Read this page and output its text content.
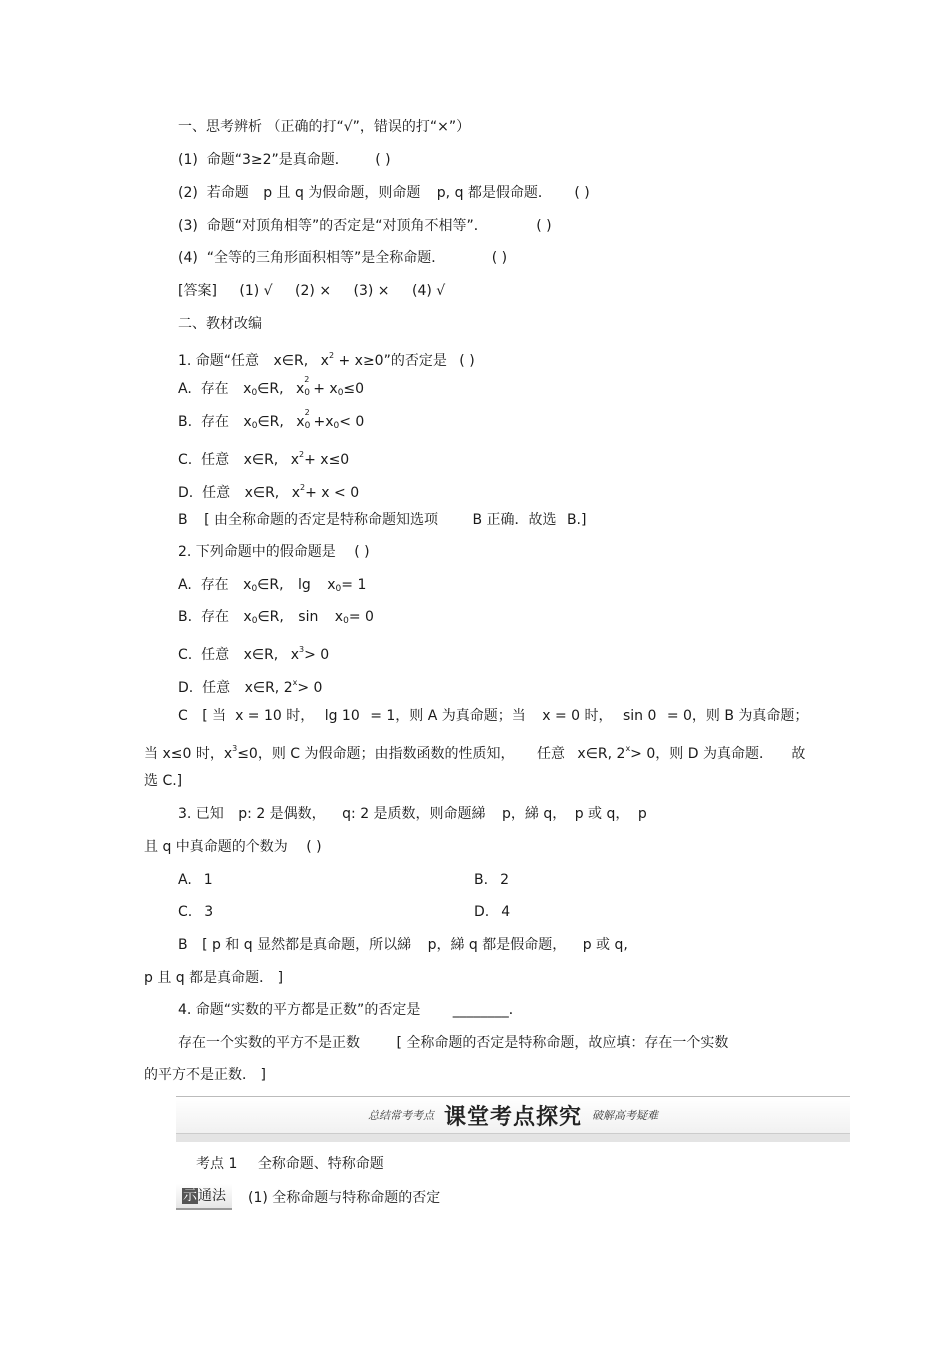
一、思考辨析 （正确的打“√”，错误的打“×”）
(1) 命题“3≥2”是真命题． ( )
(2) 若命题 p 且 q 为假命题，则命题 p, q 都是假命题． ( )
(3) 命题“对顶角相等”的否定是“对顶角不相等”．	( )
(4) “全等的三角形面积相等”是全称命题．	( )
[答案] (1) √ (2) × (3) × (4) √
二、教材改编
1. 命题“任意 x∈R, $x^2 + x\ge 0$”的否定是 ( )
A. 存在 $x_0\in R$, x
2
$0 + x_0\le 0$
B. 存在 $x_0\in R$, x
2
$0 +x_0< 0$
C. 任意 x∈R, $x^2+ x\le 0$
D. 任意 x∈R, $x^2+ x < 0$
B [ 由全称命题的否定是特称命题知选项 B 正确．故选 B.]
2. 下列命题中的假命题是 ( )
A. 存在 $x_0\in R$, $\lg x_0= 1$
B. 存在 $x_0\in R$, $\sin x_0= 0$
C. 任意 x∈R, $x^3> 0$
D. 任意 x∈R, $2^x> 0$
C [ 当 x = 10 时， lg 10 = 1，则 A 为真命题；当 x = 0 时， sin 0 = 0，则 B 为真命题；
当 x≤0 时，$x^3\le 0$，则 C 为假命题；由指数函数的性质知， 任意 x∈R, $2^x> 0$，则 D 为真命题． 故
选 C.]
3. 已知 p: 2 是偶数， q: 2 是质数，则命题綈 p，綈 q， p 或 q， p
且 q 中真命题的个数为 ( )
A. 1	B. 2
C. 3	D. 4
B [ p 和 q 显然都是真命题，所以綈 p，綈 q 都是假命题， p 或 q,
p 且 q 都是真命题． ]
4. 命题“实数的平方都是正数”的否定是 ________．
存在一个实数的平方不是正数	[ 全称命题的否定是特称命题，故应填：存在一个实数
的平方不是正数． ]
总结常考考点 课堂考点探究 破解高考疑难
考点 1 全称命题、特称命题
示通法	(1) 全称命题与特称命题的否定
